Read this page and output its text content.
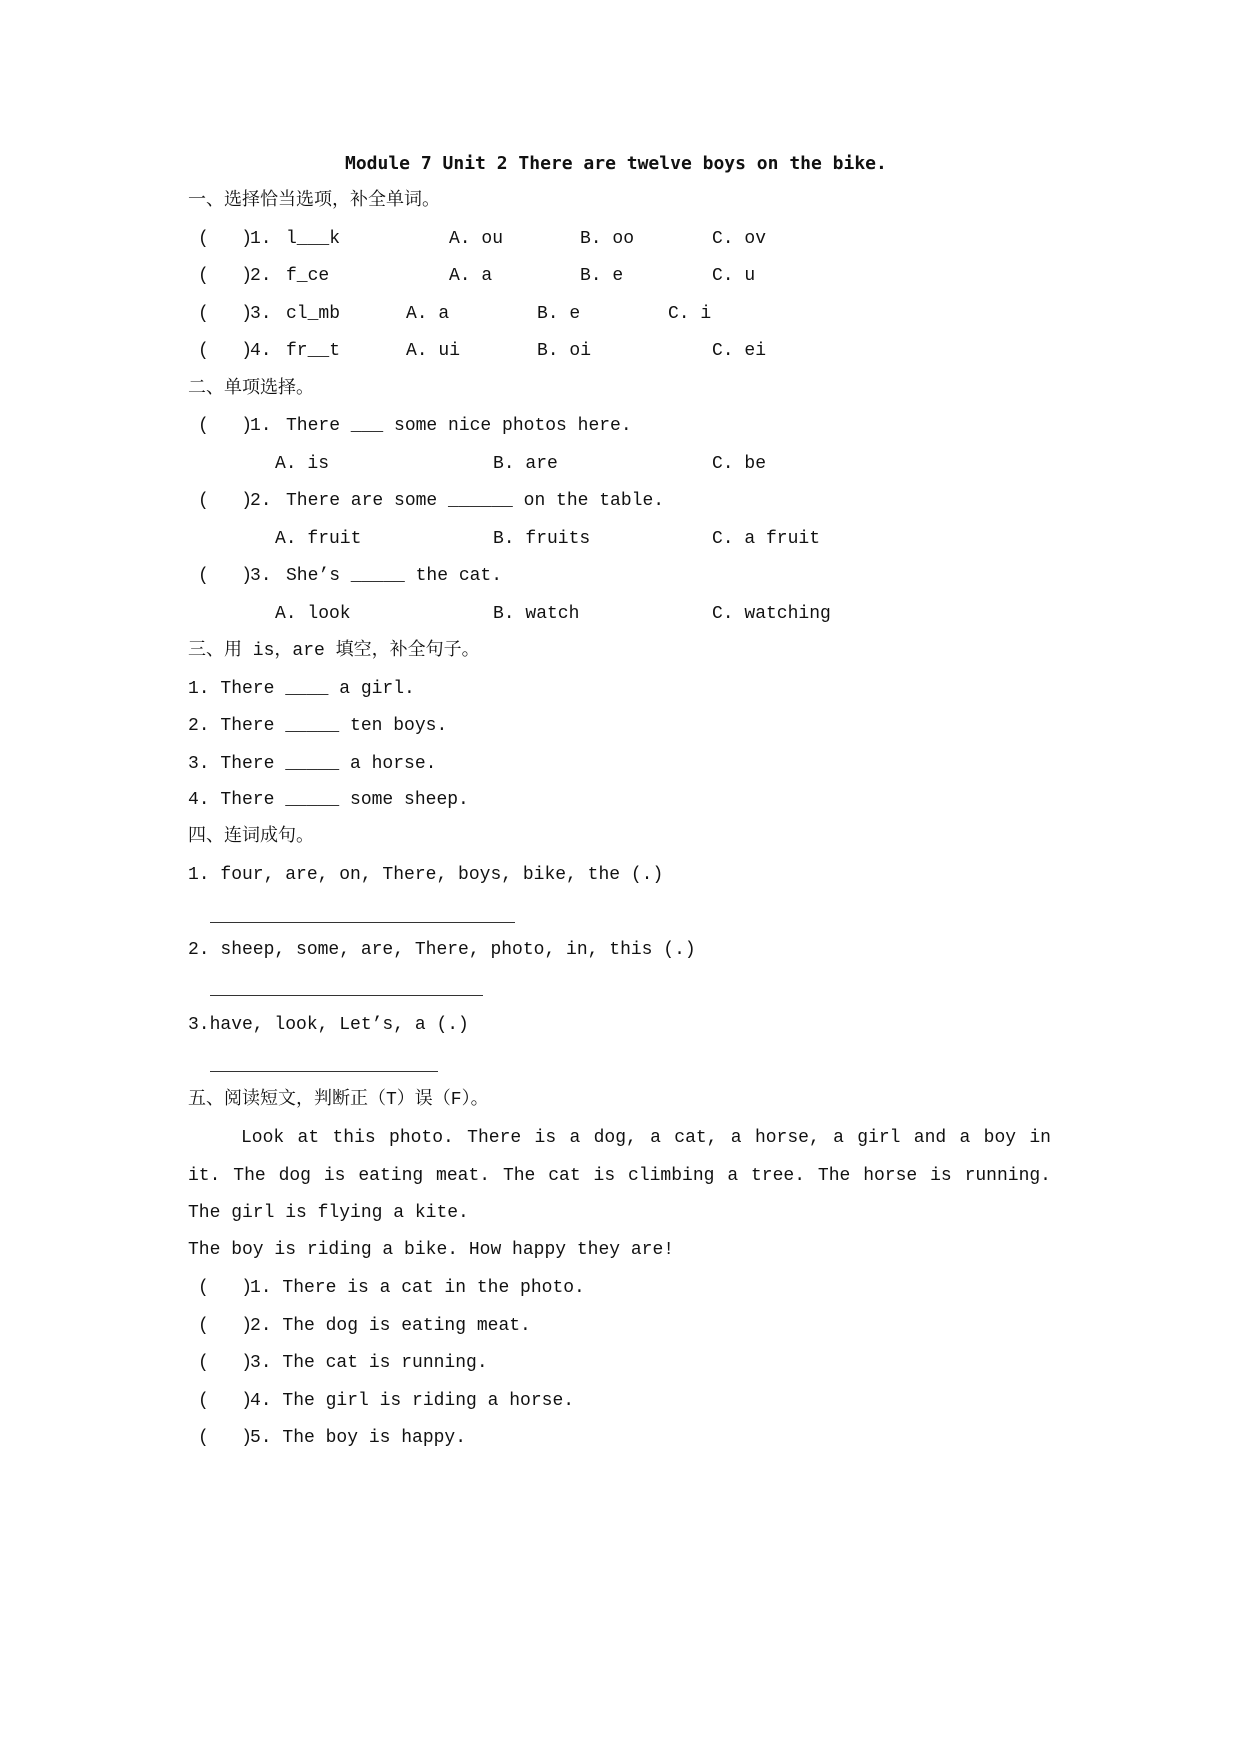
Module 7 Unit 2 There are twelve boys on the bike.
一、选择恰当选项，补全单词。
(   )
1. l___k	A. ou	B. oo	C. ov
(   )
2. f_ce	A. a	B. e	C. u
(   )
3. cl_mb	A. a	B. e	C. i
(   )
4. fr__t	A. ui	B. oi	C. ei
二、单项选择。
(   )
1. There ___ some nice photos here.
A. is	B. are	C. be
(   )
2. There are some ______ on the table.
A. fruit	B. fruits	C. a fruit
(   )
3. She’s _____ the cat.
A. look	B. watch	C. watching
三、用 is，are 填空，补全句子。
1. There ____ a girl.
2. There _____ ten boys.
3. There _____ a horse.
4. There _____ some sheep.
四、连词成句。
1. four, are, on, There, boys, bike, the (.)
2. sheep, some, are, There, photo, in, this (.)
3.have, look, Let’s, a (.)
五、阅读短文，判断正（T）误（F）。
Look at this photo. There is a dog, a cat, a horse, a girl and a boy in it. The dog is eating meat. The cat is climbing a tree. The horse is running. The girl is flying a kite.
The boy is riding a bike. How happy they are!
(   )
1. There is a cat in the photo.
(   )
2. The dog is eating meat.
(   )
3. The cat is running.
(   )
4. The girl is riding a horse.
(   )
5. The boy is happy.
